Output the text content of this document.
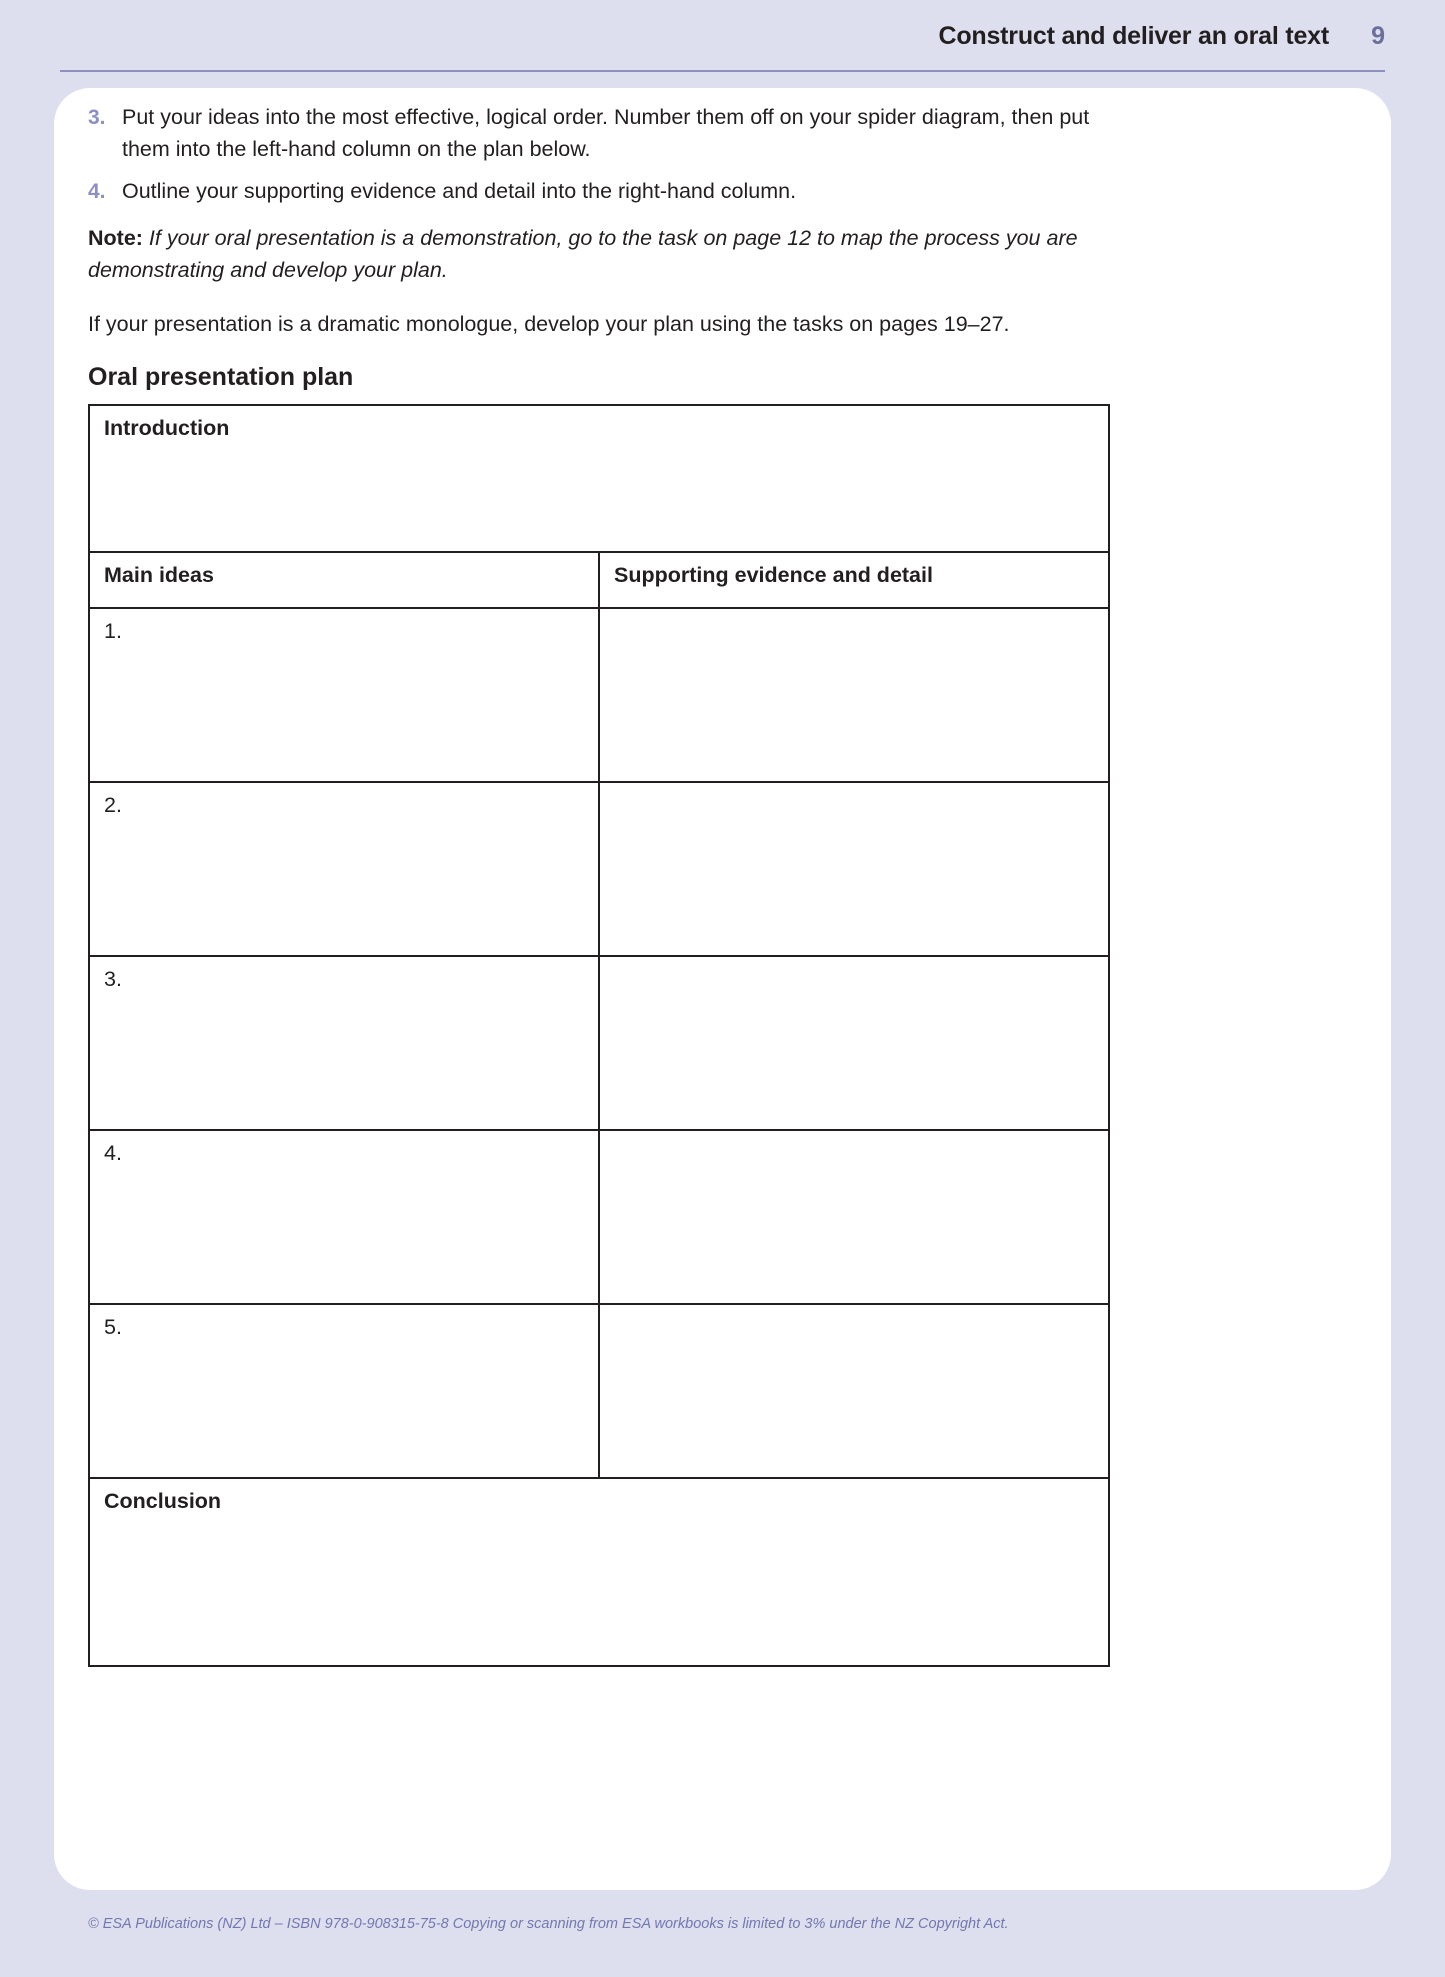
Construct and deliver an oral text 9
3. Put your ideas into the most effective, logical order. Number them off on your spider diagram, then put them into the left-hand column on the plan below.
4. Outline your supporting evidence and detail into the right-hand column.

Note: If your oral presentation is a demonstration, go to the task on page 12 to map the process you are demonstrating and develop your plan.

If your presentation is a dramatic monologue, develop your plan using the tasks on pages 19–27.

Oral presentation plan
Introduction	
Main ideas	Supporting evidence and detail
1.	
2.	
3.	
4.	
5.	
Conclusion	
© ESA Publications (NZ) Ltd – ISBN 978-0-908315-75-8 Copying or scanning from ESA workbooks is limited to 3% under the NZ Copyright Act.
